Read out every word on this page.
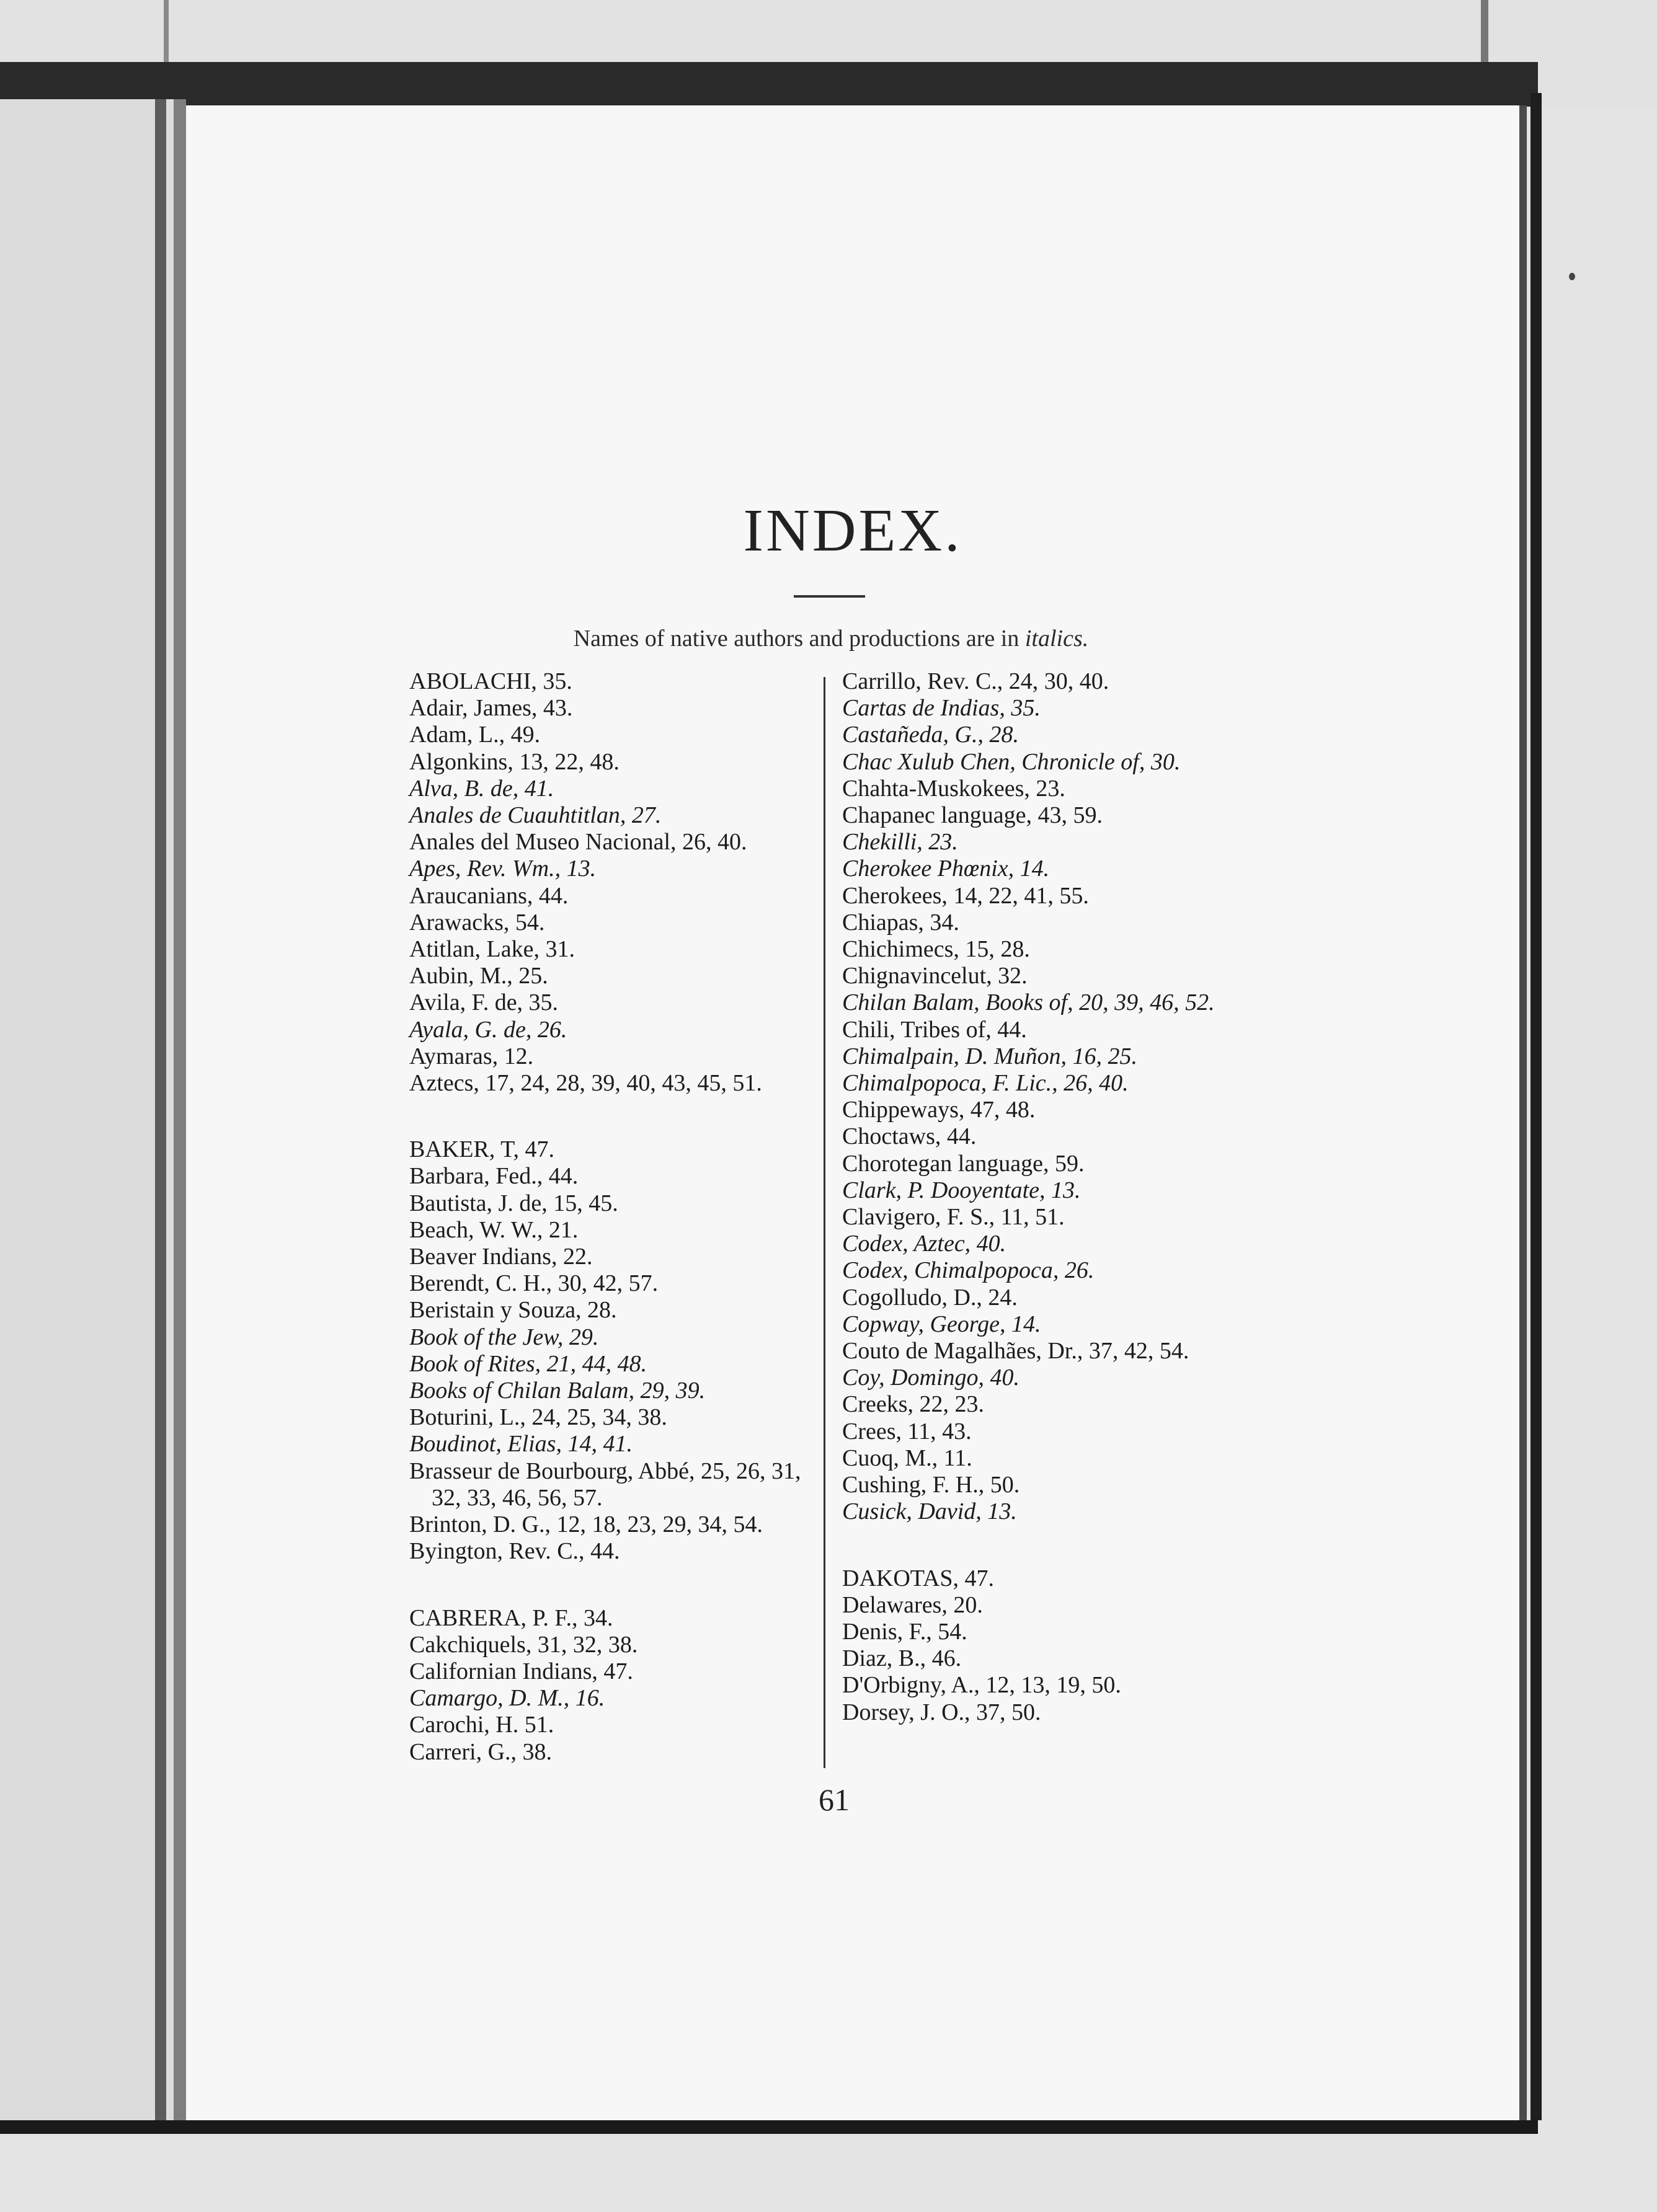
INDEX.
Names of native authors and productions are in italics.
ABOLACHI, 35.
Adair, James, 43.
Adam, L., 49.
Algonkins, 13, 22, 48.
Alva, B. de, 41.
Anales de Cuauhtitlan, 27.
Anales del Museo Nacional, 26, 40.
Apes, Rev. Wm., 13.
Araucanians, 44.
Arawacks, 54.
Atitlan, Lake, 31.
Aubin, M., 25.
Avila, F. de, 35.
Ayala, G. de, 26.
Aymaras, 12.
Aztecs, 17, 24, 28, 39, 40, 43, 45, 51.
BAKER, T, 47.
Barbara, Fed., 44.
Bautista, J. de, 15, 45.
Beach, W. W., 21.
Beaver Indians, 22.
Berendt, C. H., 30, 42, 57.
Beristain y Souza, 28.
Book of the Jew, 29.
Book of Rites, 21, 44, 48.
Books of Chilan Balam, 29, 39.
Boturini, L., 24, 25, 34, 38.
Boudinot, Elias, 14, 41.
Brasseur de Bourbourg, Abbé, 25, 26, 31, 32, 33, 46, 56, 57.
Brinton, D. G., 12, 18, 23, 29, 34, 54.
Byington, Rev. C., 44.
CABRERA, P. F., 34.
Cakchiquels, 31, 32, 38.
Californian Indians, 47.
Camargo, D. M., 16.
Carochi, H. 51.
Carreri, G., 38.
Carrillo, Rev. C., 24, 30, 40.
Cartas de Indias, 35.
Castañeda, G., 28.
Chac Xulub Chen, Chronicle of, 30.
Chahta-Muskokees, 23.
Chapanec language, 43, 59.
Chekilli, 23.
Cherokee Phœnix, 14.
Cherokees, 14, 22, 41, 55.
Chiapas, 34.
Chichimecs, 15, 28.
Chignavincelut, 32.
Chilan Balam, Books of, 20, 39, 46, 52.
Chili, Tribes of, 44.
Chimalpain, D. Muñon, 16, 25.
Chimalpopoca, F. Lic., 26, 40.
Chippeways, 47, 48.
Choctaws, 44.
Chorotegan language, 59.
Clark, P. Dooyentate, 13.
Clavigero, F. S., 11, 51.
Codex, Aztec, 40.
Codex, Chimalpopoca, 26.
Cogolludo, D., 24.
Copway, George, 14.
Couto de Magalhães, Dr., 37, 42, 54.
Coy, Domingo, 40.
Creeks, 22, 23.
Crees, 11, 43.
Cuoq, M., 11.
Cushing, F. H., 50.
Cusick, David, 13.
DAKOTAS, 47.
Delawares, 20.
Denis, F., 54.
Diaz, B., 46.
D'Orbigny, A., 12, 13, 19, 50.
Dorsey, J. O., 37, 50.
61
